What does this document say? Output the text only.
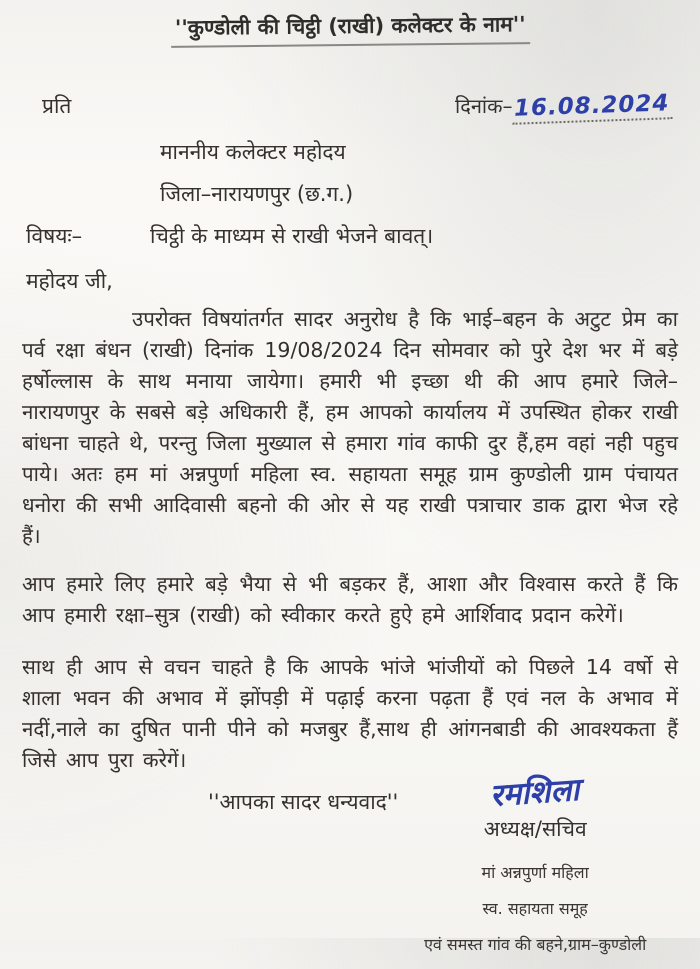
''कुण्डोली की चिट्ठी (राखी) कलेक्टर के नाम''
प्रति	दिनांक–16.08.2024
माननीय कलेक्टर महोदय
जिला–नारायणपुर (छ.ग.)
विषयः–	चिट्ठी के माध्यम से राखी भेजने बावत्।
महोदय जी,
उपरोक्त विषयांतर्गत सादर अनुरोध है कि भाई–बहन के अटुट प्रेम का पर्व रक्षा बंधन (राखी) दिनांक 19/08/2024 दिन सोमवार को पुरे देश भर में बड़े हर्षोल्लास के साथ मनाया जायेगा। हमारी भी इच्छा थी की आप हमारे जिले–नारायणपुर के सबसे बड़े अधिकारी हैं, हम आपको कार्यालय में उपस्थित होकर राखी बांधना चाहते थे, परन्तु जिला मुख्याल से हमारा गांव काफी दुर हैं,हम वहां नही पहुच पाये। अतः हम मां अन्नपुर्णा महिला स्व. सहायता समूह ग्राम कुण्डोली ग्राम पंचायत धनोरा की सभी आदिवासी बहनो की ओर से यह राखी पत्राचार डाक द्वारा भेज रहे हैं।
आप हमारे लिए हमारे बड़े भैया से भी बड़कर हैं, आशा और विश्वास करते हैं कि आप हमारी रक्षा–सुत्र (राखी) को स्वीकार करते हुऐ हमे आर्शिवाद प्रदान करेगें।
साथ ही आप से वचन चाहते है कि आपके भांजे भांजीयों को पिछले 14 वर्षो से शाला भवन की अभाव में झोंपड़ी में पढ़ाई करना पढ़ता हैं एवं नल के अभाव में नदीं,नाले का दुषित पानी पीने को मजबुर हैं,साथ ही आंगनबाडी की आवश्यकता हैं जिसे आप पुरा करेगें।
''आपका सादर धन्यवाद''	रमशिला
अध्यक्ष/सचिव
मां अन्नपुर्णा महिला
स्व. सहायता समूह
एवं समस्त गांव की बहने,ग्राम–कुण्डोली
